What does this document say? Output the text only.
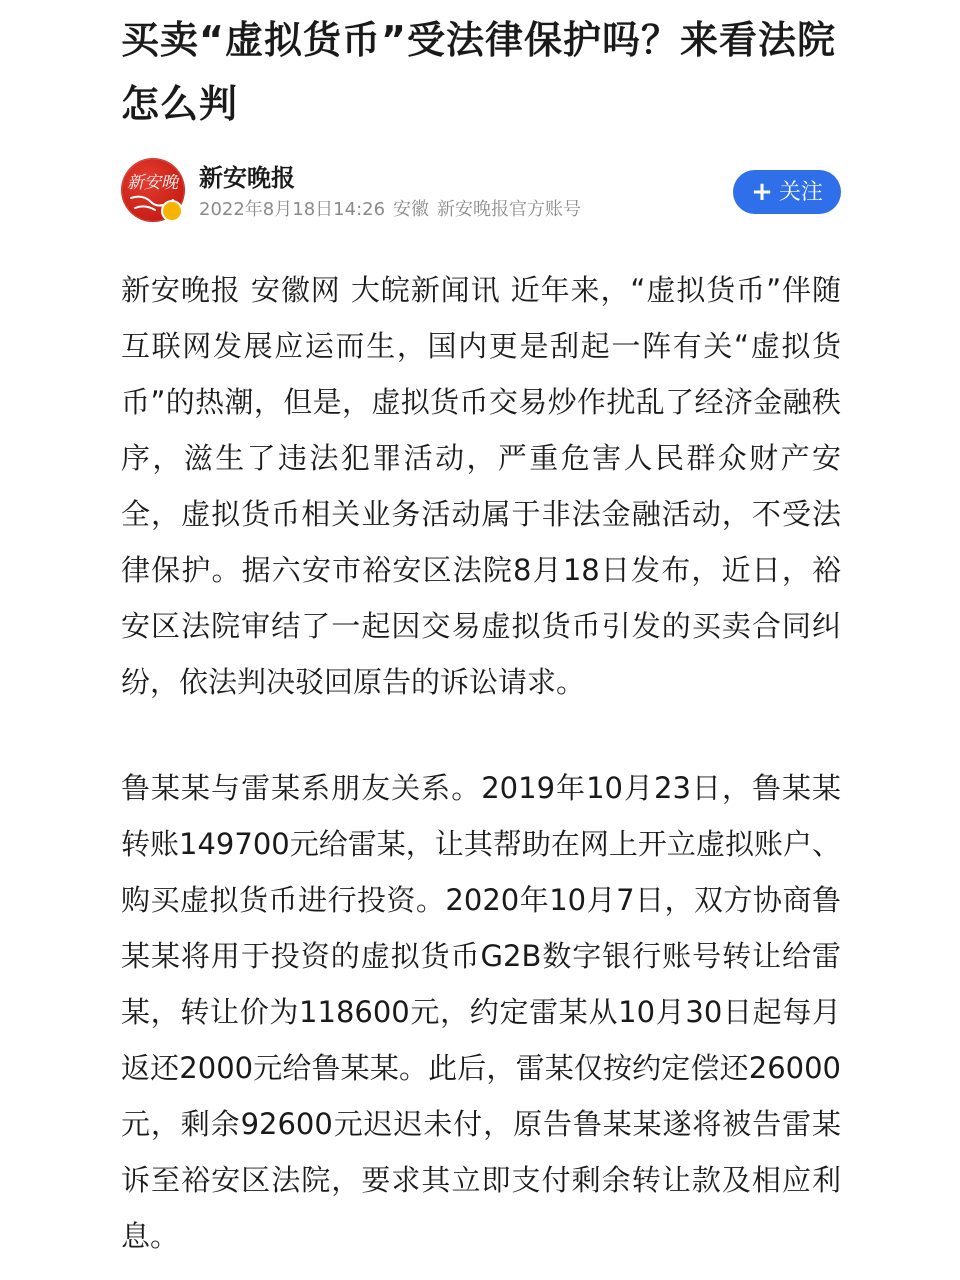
买卖“虚拟货币”受法律保护吗？来看法院怎么判
新安晚 新安晚报
2022年8月18日14:26 安徽 新安晚报官方账号
+ 关注

新安晚报 安徽网 大皖新闻讯 近年来，“虚拟货币”伴随互联网发展应运而生，国内更是刮起一阵有关“虚拟货币”的热潮，但是，虚拟货币交易炒作扰乱了经济金融秩序，滋生了违法犯罪活动，严重危害人民群众财产安全，虚拟货币相关业务活动属于非法金融活动，不受法律保护。据六安市裕安区法院8月18日发布，近日，裕安区法院审结了一起因交易虚拟货币引发的买卖合同纠纷，依法判决驳回原告的诉讼请求。

鲁某某与雷某系朋友关系。2019年10月23日，鲁某某转账149700元给雷某，让其帮助在网上开立虚拟账户、购买虚拟货币进行投资。2020年10月7日，双方协商鲁某某将用于投资的虚拟货币G2B数字银行账号转让给雷某，转让价为118600元，约定雷某从10月30日起每月返还2000元给鲁某某。此后，雷某仅按约定偿还26000元，剩余92600元迟迟未付，原告鲁某某遂将被告雷某诉至裕安区法院，要求其立即支付剩余转让款及相应利息。
